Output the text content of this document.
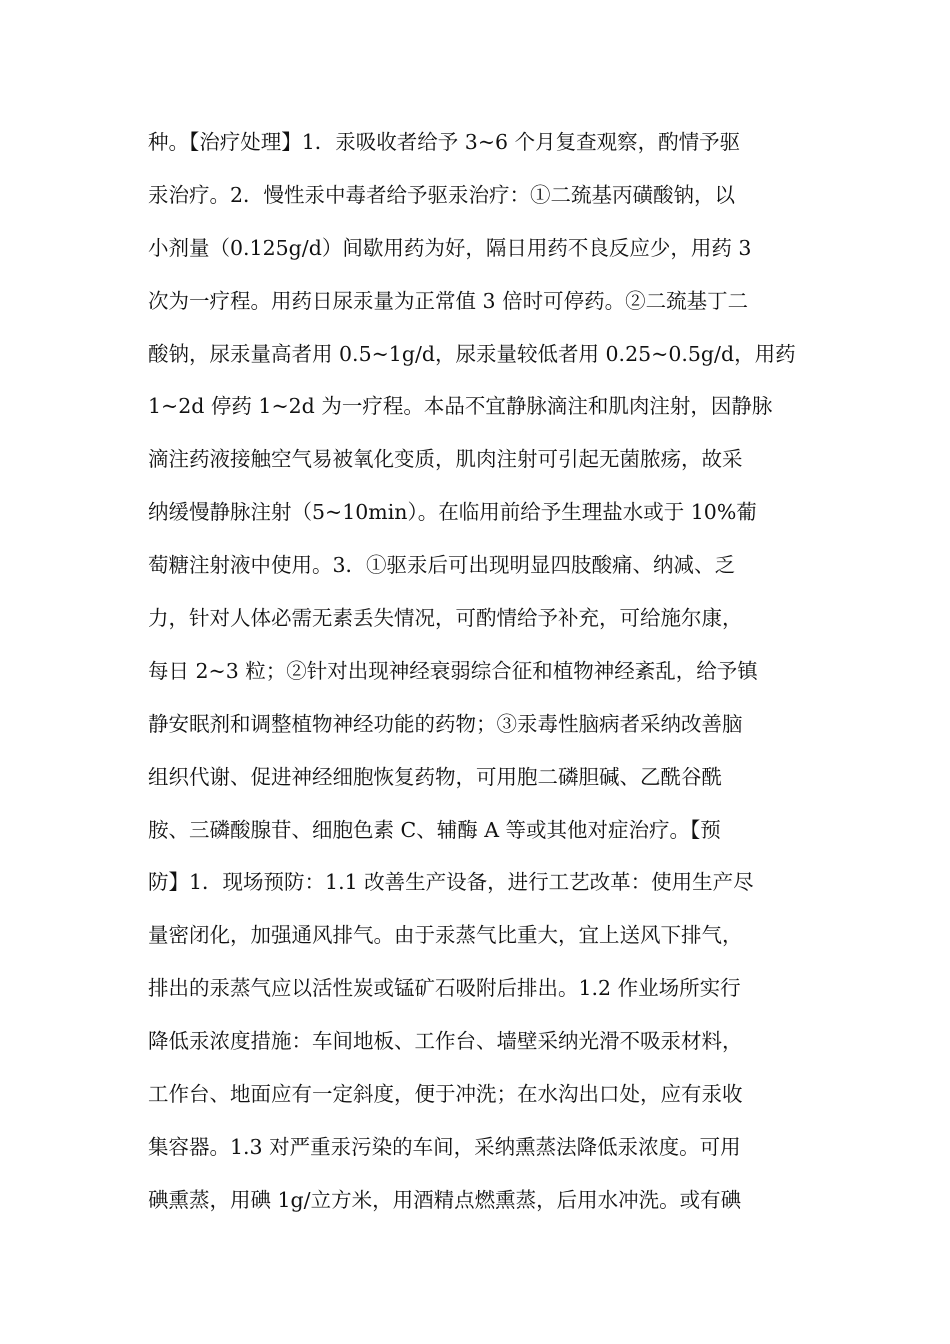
种。【治疗处理】1．汞吸收者给予 3~6 个月复查观察，酌情予驱
汞治疗。2．慢性汞中毒者给予驱汞治疗：①二巯基丙磺酸钠，以
小剂量（0.125g/d）间歇用药为好，隔日用药不良反应少，用药 3
次为一疗程。用药日尿汞量为正常值 3 倍时可停药。②二巯基丁二
酸钠，尿汞量高者用 0.5~1g/d，尿汞量较低者用 0.25~0.5g/d，用药
1~2d 停药 1~2d 为一疗程。本品不宜静脉滴注和肌肉注射，因静脉
滴注药液接触空气易被氧化变质，肌肉注射可引起无菌脓疡，故采
纳缓慢静脉注射（5~10min）。在临用前给予生理盐水或于 10%葡
萄糖注射液中使用。3．①驱汞后可出现明显四肢酸痛、纳减、乏
力，针对人体必需无素丢失情况，可酌情给予补充，可给施尔康，
每日 2~3 粒；②针对出现神经衰弱综合征和植物神经紊乱，给予镇
静安眠剂和调整植物神经功能的药物；③汞毒性脑病者采纳改善脑
组织代谢、促进神经细胞恢复药物，可用胞二磷胆碱、乙酰谷酰
胺、三磷酸腺苷、细胞色素 C、辅酶 A 等或其他对症治疗。【预
防】1．现场预防：1.1 改善生产设备，进行工艺改革：使用生产尽
量密闭化，加强通风排气。由于汞蒸气比重大，宜上送风下排气，
排出的汞蒸气应以活性炭或锰矿石吸附后排出。1.2 作业场所实行
降低汞浓度措施：车间地板、工作台、墙壁采纳光滑不吸汞材料，
工作台、地面应有一定斜度，便于冲洗；在水沟出口处，应有汞收
集容器。1.3 对严重汞污染的车间，采纳熏蒸法降低汞浓度。可用
碘熏蒸，用碘 1g/立方米，用酒精点燃熏蒸，后用水冲洗。或有碘
